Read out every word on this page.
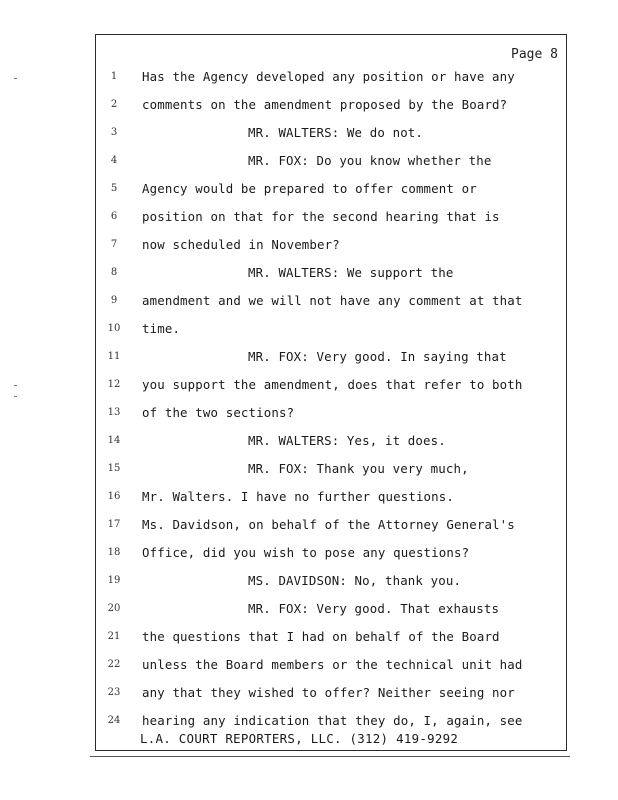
Page 8
1	Has the Agency developed any position or have any
2	comments on the amendment proposed by the Board?
3	MR. WALTERS: We do not.
4	MR. FOX: Do you know whether the
5	Agency would be prepared to offer comment or
6	position on that for the second hearing that is
7	now scheduled in November?
8	MR. WALTERS: We support the
9	amendment and we will not have any comment at that
10	time.
11	MR. FOX: Very good. In saying that
12	you support the amendment, does that refer to both
13	of the two sections?
14	MR. WALTERS: Yes, it does.
15	MR. FOX: Thank you very much,
16	Mr. Walters. I have no further questions.
17	Ms. Davidson, on behalf of the Attorney General's
18	Office, did you wish to pose any questions?
19	MS. DAVIDSON: No, thank you.
20	MR. FOX: Very good. That exhausts
21	the questions that I had on behalf of the Board
22	unless the Board members or the technical unit had
23	any that they wished to offer? Neither seeing nor
24	hearing any indication that they do, I, again, see
L.A. COURT REPORTERS, LLC. (312) 419-9292
